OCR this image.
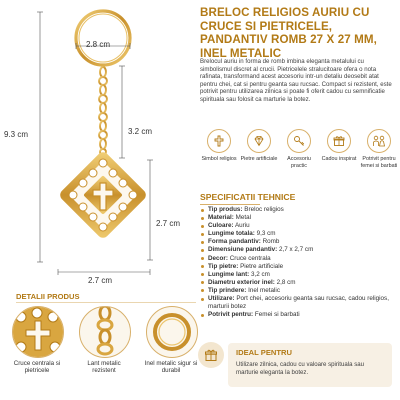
2.8 cm
9.3 cm	3.2 cm
2.7 cm
2.7 cm
DETALII PRODUS
Cruce centrala si pietricele
Lant metalic rezistent
Inel metalic sigur si durabil
BRELOC RELIGIOS AURIU CU CRUCE SI PIETRICELE, PANDANTIV ROMB 27 X 27 MM, INEL METALIC
Brelocul auriu in forma de romb imbina eleganta metalului cu simbolismul discret al crucii. Pietricelele stralucitoare ofera o nota rafinata, transformand acest accesoriu intr-un detaliu deosebit atat pentru chei, cat si pentru geanta sau rucsac. Compact si rezistent, este potrivit pentru utilizarea zilnica si poate fi oferit cadou cu semnificatie spirituala sau folosit ca marturie la botez.
Simbol religios Pietre artificiale	Accesoriu practic
Cadou inspirat	Potrivit pentru femei si barbati
SPECIFICATII TEHNICE
Tip produs: Breloc religios
Material: Metal
Culoare: Auriu
Lungime totala: 9,3 cm
Forma pandantiv: Romb
Dimensiune pandantiv: 2,7 x 2,7 cm
Decor: Cruce centrala
Tip pietre: Pietre artificiale
Lungime lant: 3,2 cm
Diametru exterior inel: 2,8 cm
Tip prindere: Inel metalic
Utilizare: Port chei, accesoriu geanta sau rucsac, cadou religios, marturii botez
Potrivit pentru: Femei si barbati
IDEAL PENTRU
Utilizare zilnica, cadou cu valoare spirituala sau marturie eleganta la botez.
